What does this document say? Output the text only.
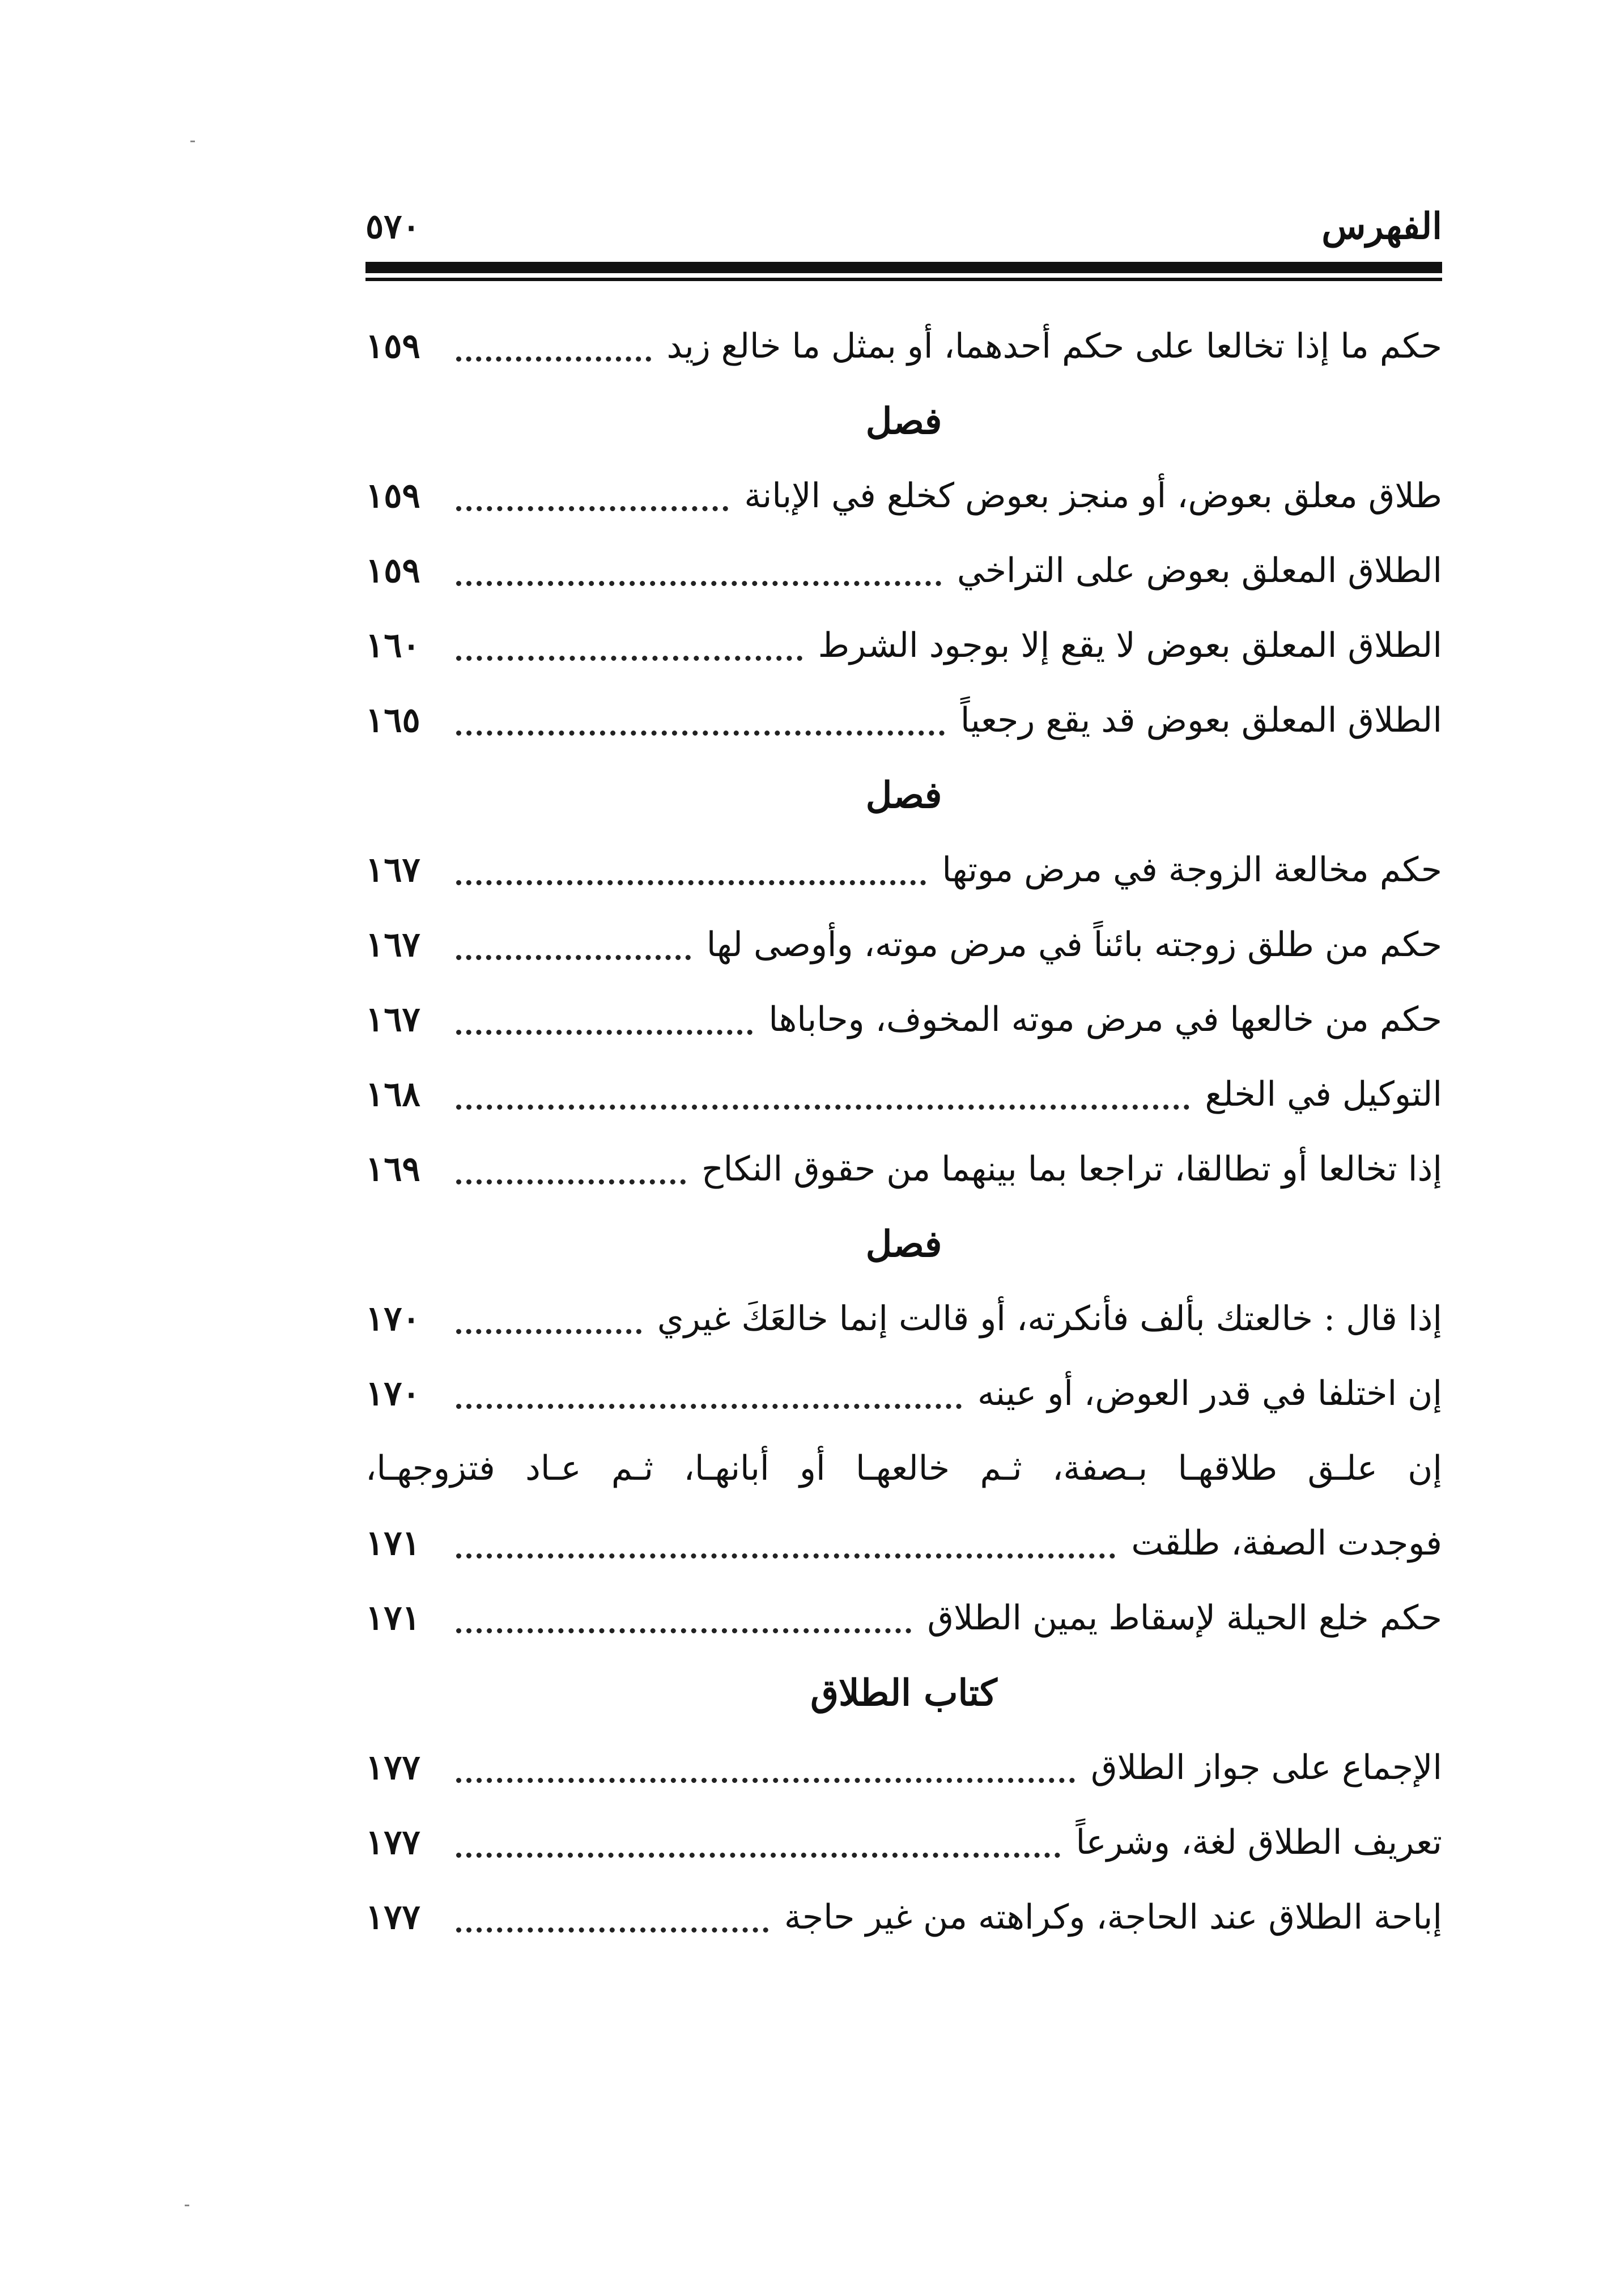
الفهرس
٥٧٠
حكم ما إذا تخالعا على حكم أحدهما، أو بمثل ما خالع زيد
١٥٩
فصل
طلاق معلق بعوض، أو منجز بعوض كخلع في الإبانة
١٥٩
الطلاق المعلق بعوض على التراخي
١٥٩
الطلاق المعلق بعوض لا يقع إلا بوجود الشرط
١٦٠
الطلاق المعلق بعوض قد يقع رجعياً
١٦٥
فصل
حكم مخالعة الزوجة في مرض موتها
١٦٧
حكم من طلق زوجته بائناً في مرض موته، وأوصى لها
١٦٧
حكم من خالعها في مرض موته المخوف، وحاباها
١٦٧
التوكيل في الخلع
١٦٨
إذا تخالعا أو تطالقا، تراجعا بما بينهما من حقوق النكاح
١٦٩
فصل
إذا قال : خالعتك بألف فأنكرته، أو قالت إنما خالعَكَ غيري
١٧٠
إن اختلفا في قدر العوض، أو عينه
١٧٠
إن علـق طلاقهـا بـصفة، ثـم خالعهـا أو أبانهـا، ثـم عـاد فتزوجهـا،
فوجدت الصفة، طلقت
١٧١
حكم خلع الحيلة لإسقاط يمين الطلاق
١٧١
كتاب الطلاق
الإجماع على جواز الطلاق
١٧٧
تعريف الطلاق لغة، وشرعاً
١٧٧
إباحة الطلاق عند الحاجة، وكراهته من غير حاجة
١٧٧
